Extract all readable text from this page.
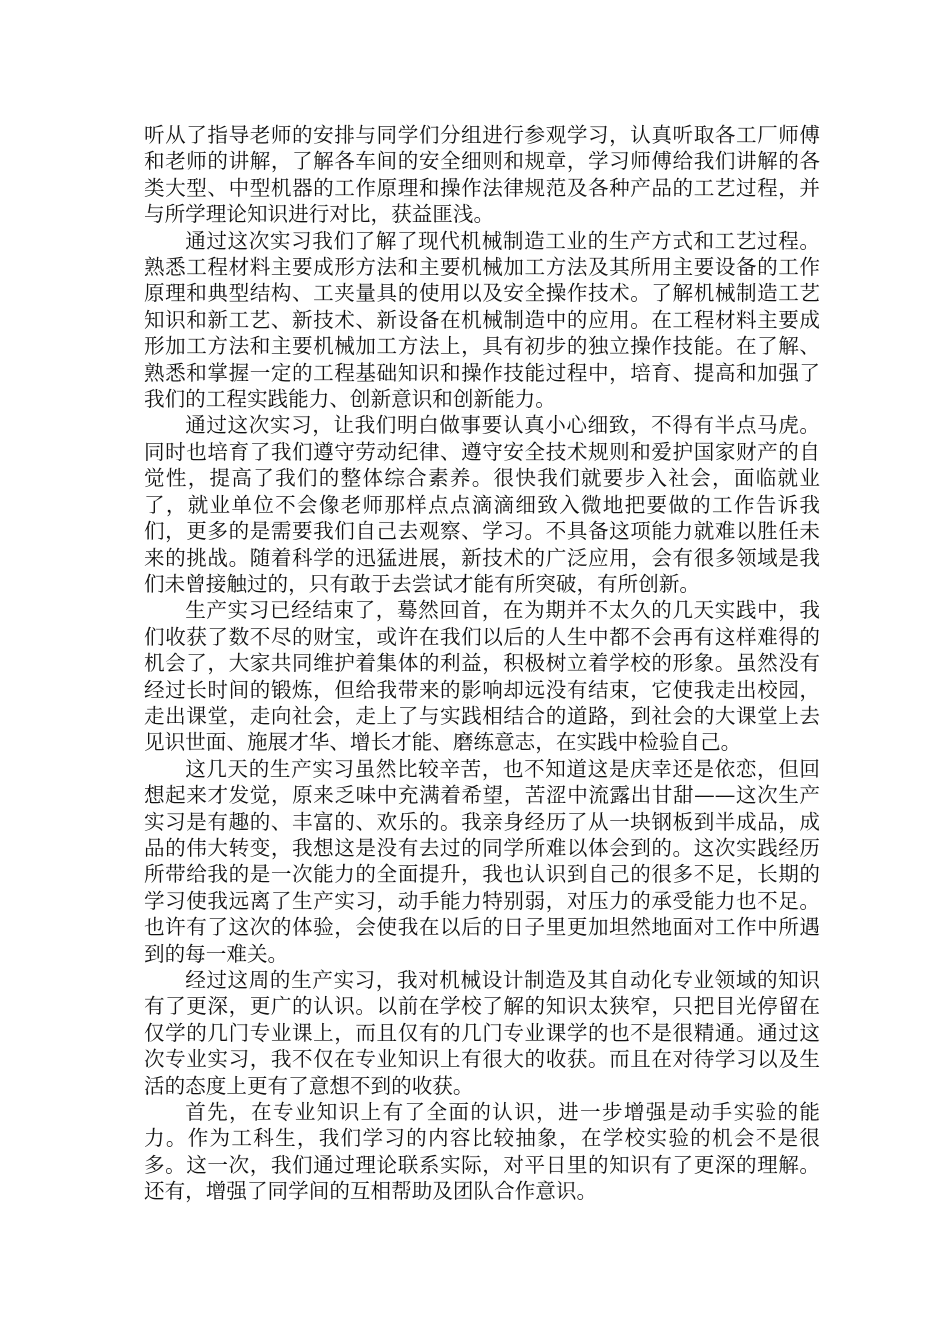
听从了指导老师的安排与同学们分组进行参观学习，认真听取各工厂师傅和老师的讲解，了解各车间的安全细则和规章，学习师傅给我们讲解的各类大型、中型机器的工作原理和操作法律规范及各种产品的工艺过程，并与所学理论知识进行对比，获益匪浅。

通过这次实习我们了解了现代机械制造工业的生产方式和工艺过程。熟悉工程材料主要成形方法和主要机械加工方法及其所用主要设备的工作原理和典型结构、工夹量具的使用以及安全操作技术。了解机械制造工艺知识和新工艺、新技术、新设备在机械制造中的应用。在工程材料主要成形加工方法和主要机械加工方法上，具有初步的独立操作技能。在了解、熟悉和掌握一定的工程基础知识和操作技能过程中，培育、提高和加强了我们的工程实践能力、创新意识和创新能力。

通过这次实习，让我们明白做事要认真小心细致，不得有半点马虎。同时也培育了我们遵守劳动纪律、遵守安全技术规则和爱护国家财产的自觉性，提高了我们的整体综合素养。很快我们就要步入社会，面临就业了，就业单位不会像老师那样点点滴滴细致入微地把要做的工作告诉我们，更多的是需要我们自己去观察、学习。不具备这项能力就难以胜任未来的挑战。随着科学的迅猛进展，新技术的广泛应用，会有很多领域是我们未曾接触过的，只有敢于去尝试才能有所突破，有所创新。

生产实习已经结束了，蓦然回首，在为期并不太久的几天实践中，我们收获了数不尽的财宝，或许在我们以后的人生中都不会再有这样难得的机会了，大家共同维护着集体的利益，积极树立着学校的形象。虽然没有经过长时间的锻炼，但给我带来的影响却远没有结束，它使我走出校园，走出课堂，走向社会，走上了与实践相结合的道路，到社会的大课堂上去见识世面、施展才华、增长才能、磨练意志，在实践中检验自己。

这几天的生产实习虽然比较辛苦，也不知道这是庆幸还是依恋，但回想起来才发觉，原来乏味中充满着希望，苦涩中流露出甘甜——这次生产实习是有趣的、丰富的、欢乐的。我亲身经历了从一块钢板到半成品，成品的伟大转变，我想这是没有去过的同学所难以体会到的。这次实践经历所带给我的是一次能力的全面提升，我也认识到自己的很多不足，长期的学习使我远离了生产实习，动手能力特别弱，对压力的承受能力也不足。也许有了这次的体验，会使我在以后的日子里更加坦然地面对工作中所遇到的每一难关。

经过这周的生产实习，我对机械设计制造及其自动化专业领域的知识有了更深，更广的认识。以前在学校了解的知识太狭窄，只把目光停留在仅学的几门专业课上，而且仅有的几门专业课学的也不是很精通。通过这次专业实习，我不仅在专业知识上有很大的收获。而且在对待学习以及生活的态度上更有了意想不到的收获。

首先，在专业知识上有了全面的认识，进一步增强是动手实验的能力。作为工科生，我们学习的内容比较抽象，在学校实验的机会不是很多。这一次，我们通过理论联系实际，对平日里的知识有了更深的理解。还有，增强了同学间的互相帮助及团队合作意识。
